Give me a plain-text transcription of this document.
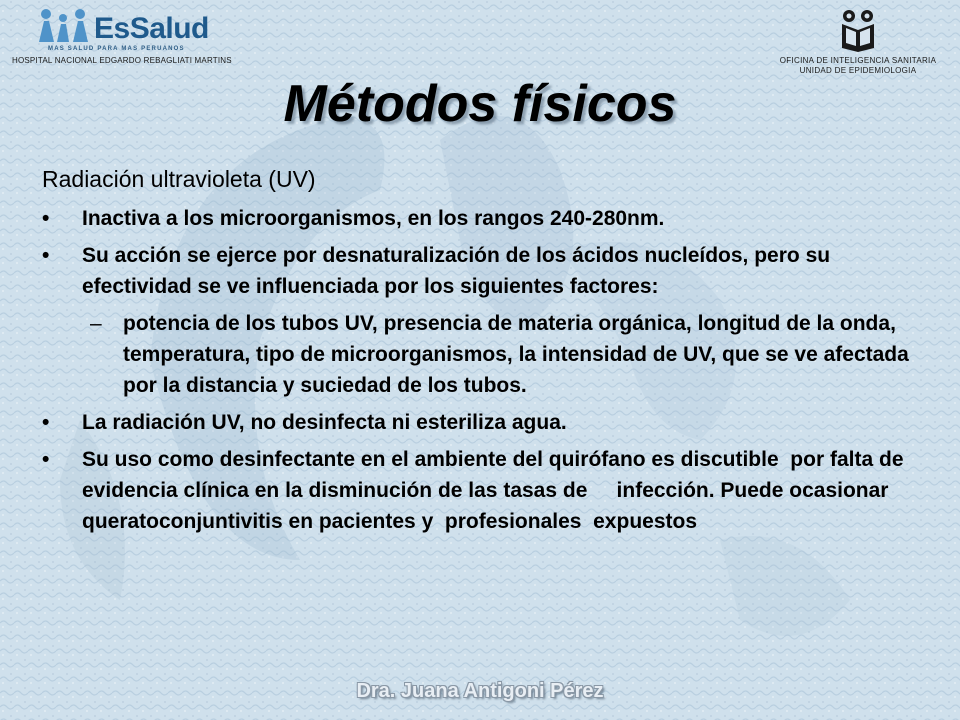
EsSalud
MAS SALUD PARA MAS PERUANOS
HOSPITAL NACIONAL EDGARDO REBAGLIATI MARTINS	OFICINA DE INTELIGENCIA SANITARIA
UNIDAD DE EPIDEMIOLOGIA
Métodos físicos
Radiación ultravioleta (UV)
•	Inactiva a los microorganismos, en los rangos 240-280nm.
•	Su acción se ejerce por desnaturalización de los ácidos nucleídos, pero su efectividad se ve influenciada por los siguientes factores:
– potencia de los tubos UV, presencia de materia orgánica, longitud de la onda, temperatura, tipo de microorganismos, la intensidad de UV, que se ve afectada por la distancia y suciedad de los tubos.
•	La radiación UV, no desinfecta ni esteriliza agua.
•	Su uso como desinfectante en el ambiente del quirófano es discutible  por falta de evidencia clínica en la disminución de las tasas de     infección. Puede ocasionar queratoconjuntivitis en pacientes y  profesionales  expuestos
Dra. Juana Antigoni Pérez
